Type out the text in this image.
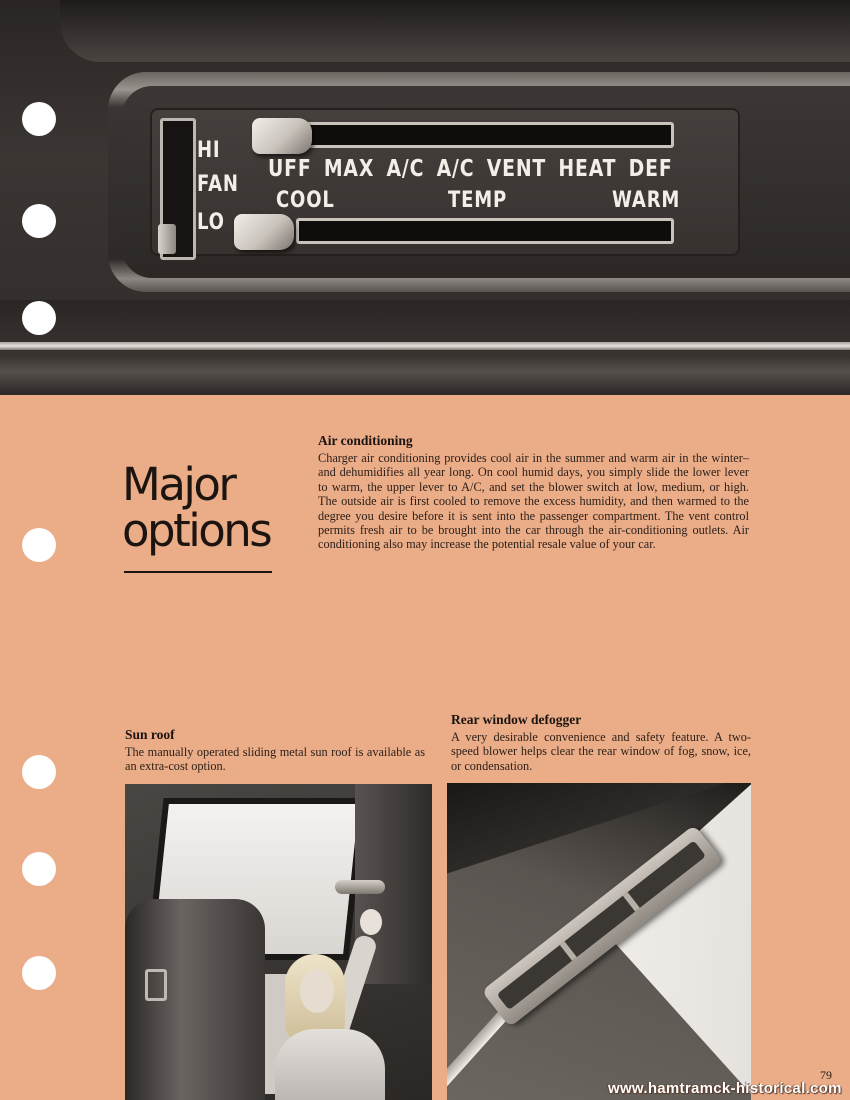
HI
FAN
LO
UFF MAX A/C A/C VENT HEAT DEF
COOL	TEMP	WARM
Major
options
Air conditioning
Charger air conditioning provides cool air in the summer and warm air in the winter–and dehumidifies all year long. On cool humid days, you simply slide the lower lever to warm, the upper lever to A/C, and set the blower switch at low, medium, or high. The outside air is first cooled to remove the excess humidity, and then warmed to the degree you desire before it is sent into the passenger compartment. The vent control permits fresh air to be brought into the car through the air-conditioning outlets. Air conditioning also may increase the potential resale value of your car.
Sun roof
The manually operated sliding metal sun roof is available as an extra-cost option.
Rear window defogger
A very desirable convenience and safety feature. A two-speed blower helps clear the rear window of fog, snow, ice, or condensation.
79
www.hamtramck-historical.com
